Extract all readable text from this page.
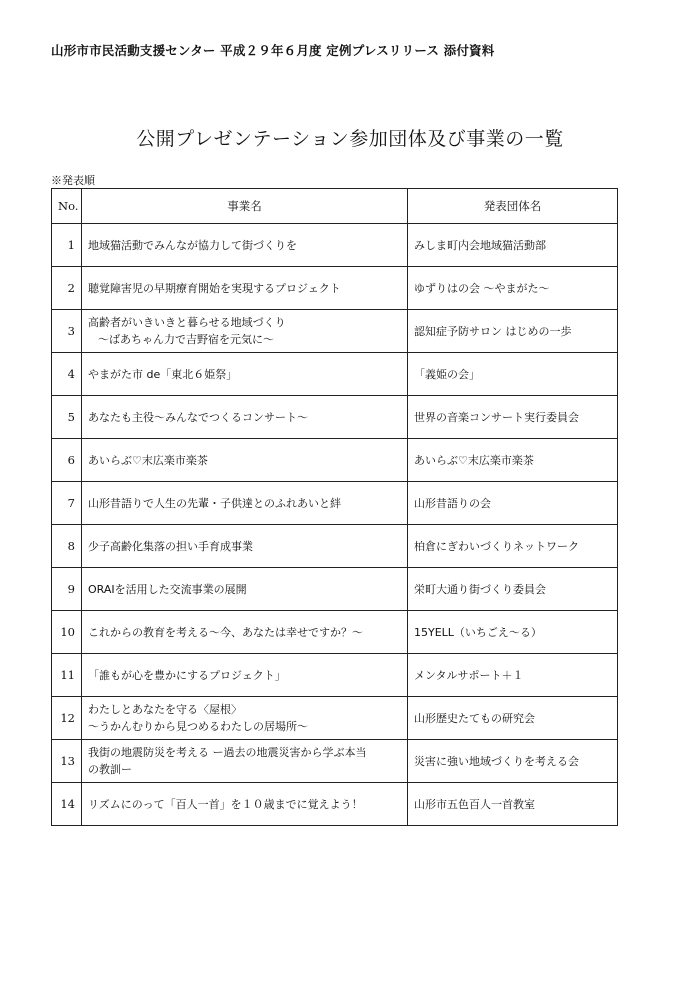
山形市市民活動支援センター 平成２９年６月度 定例プレスリリース 添付資料
公開プレゼンテーション参加団体及び事業の一覧
※発表順
No.	事業名	発表団体名
1	地域猫活動でみんなが協力して街づくりを	みしま町内会地域猫活動部
2	聴覚障害児の早期療育開始を実現するプロジェクト	ゆずりはの会 〜やまがた〜
3	高齢者がいきいきと暮らせる地域づくり
〜ばあちゃん力で吉野宿を元気に〜	認知症予防サロン はじめの一歩
4	やまがた市 de「東北６姫祭」	「義姫の会」
5	あなたも主役〜みんなでつくるコンサート〜	世界の音楽コンサート実行委員会
6	あいらぶ♡末広楽市楽茶	あいらぶ♡末広楽市楽茶
7	山形昔語りで人生の先輩・子供達とのふれあいと絆	山形昔語りの会
8	少子高齢化集落の担い手育成事業	柏倉にぎわいづくりネットワーク
9	ORAIを活用した交流事業の展開	栄町大通り街づくり委員会
10	これからの教育を考える〜今、あなたは幸せですか？〜	15YELL（いちごえ〜る）
11	「誰もが心を豊かにするプロジェクト」	メンタルサポート＋１
12	わたしとあなたを守る〈屋根〉
〜うかんむりから見つめるわたしの居場所〜	山形歴史たてもの研究会
13	我街の地震防災を考える ー過去の地震災害から学ぶ本当
の教訓ー	災害に強い地域づくりを考える会
14	リズムにのって「百人一首」を１０歳までに覚えよう！	山形市五色百人一首教室
